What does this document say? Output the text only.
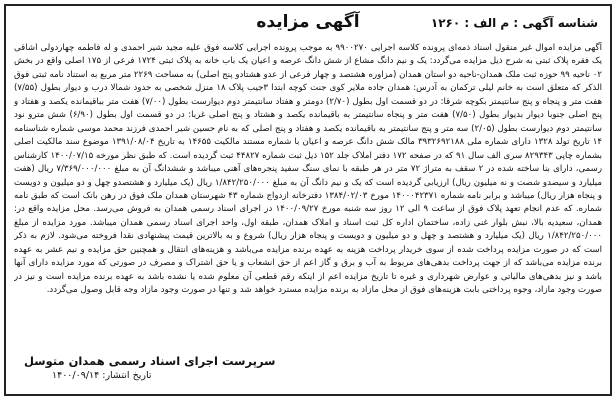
آگهی مزایده	شناسه آگهی : م الف : ۱۲۶۰
آگهی مزایده اموال غیر منقول اسناد ذمه‌ای پرونده کلاسه اجرایی ۹۹۰۰۲۷۰ به موجب پرونده اجرایی کلاسه فوق علیه مجید شیر احمدی و له فاطمه چهاردولی اشاقی یک فقره پلاک ثبتی به شرح ذیل مزایده می‌گردد: یک و نیم دانگ مشاع از شش دانگ عرصه و اعیان یک باب خانه به پلاک ثبتی ۱۷۲۴ فرعی از ۱۷۵ اصلی واقع در بخش ۰۲ ناحیه ۹۹ حوزه ثبت ملک همدان-ناحیه دو استان همدان (مزاوره هشتصد و چهار فرعی از عدو هشتادو پنج اصلی) به مساحت ۲۲۶۹ متر مربع به استناد نامه ثبتی فوق الذکر که متعلق است به خانم لیلی ترکمان به آدرس: همدان جاده ملایر کوی جنت کوچه ابتدا ۳جیب پلاک ۱۸ منزل شخصی به حدود شمالا درب و دیوار بطول (۷/۵۵) هفت متر و پنجاه و پنج سانتیمتر بکوچه شرقا: در دو قسمت اول بطول (۲/۷۰) دومتر و هفتاد سانتیمتر دوم دیوارست بطول (۷/۰۰) هفت متر بباقیمانده یکصد و هفتاد و پنج اصلی جنوبا دیوار بدیوار بطول (۷/۵۰) هفت متر و پنجاه سانتیمتر به باقیمانده یکصد و هشتاد و پنج اصلی غربا: در دو قسمت اول بطول (۶/۹۰) شش مترو نود سانتیمتر دوم دیوارست بطول (۲/۰۵) سه متر و پنج سانتیمتر به باقیمانده یکصد و هفتاد و پنج اصلی که به نام حسین شیر احمدی فرزند محمد موسی شماره شناسنامه ۱۴ تاریخ تولد ۱۳۲۸ دارای شماره ملی ۳۹۳۲۶۹۲۱۸۸ مالک شش دانگ عرصه و اعیان با شماره مستند مالکیت ۱۴۶۵۵ به تاریخ ۱۳۹۱/۰۸/۰۴ موضوع سند مالکیت اصلی بشماره چاپی ۸۲۹۳۴۳ سری الف سال ۹۱ که در صفحه ۱۷۲ دفتر املاک جلد ۱۵۲ ذیل ثبت شماره ۴۴۸۲۷ ثبت گردیده است. که طبق نظر مورخه ۱۴۰۰/۰۷/۱۵ کارشناس رسمی، دارای بنا ساخته شده در ۲ سقف به متراژ ۷۲ متر در هر طبقه با نمای سنگ سفید پنجره‌های آهنی میباشد و ششدانگ آن به مبلغ ۷/۳۶۹/۰۰۰/۰۰۰ ریال (هفت میلیارد و سیصدو شصت و نه میلیون ریال) ارزیابی گردیده است که یک و نیم دانگ آن به مبلغ ۱/۸۴۲/۲۵۰/۰۰۰ ریال (یک میلیارد و هشتصدو چهل و دو میلیون و دویست و پنجاه هزار ریال) میباشد و برابر نامه شماره ۱۴۰۰۰۴۲۳۷۱ مورخ ۱۳۸۴/۰۲/۰۳ دفترخانه ازدواج شماره ۴۳ شهرستان همدان ملک فوق در رهن بانک است که طبق نامه شماره. که عدم انجام تعهد پلاک فوق از ساعت ۹ الی ۱۲ روز سه شنبه مورخ ۱۴۰۰/۰۹/۲۷ در اجرای اسناد رسمی همدان به فروش می‌رسد. محل مزایده واقع در: همدان، سعیدیه بالا، نبش بلوار غنی زاده، ساختمان اداره کل ثبت اسناد و املاک همدان، طبقه اول، واحد اجرای اسناد رسمی همدان میباشد. مورد مزایده از مبلغ ۱/۸۴۲/۲۵۰/۰۰۰ ریال (یک میلیارد و هشتصد و چهل و دو میلیون و دویست و پنجاه هزار ریال) شروع و به بالاترین قیمت پیشنهادی نقدا فروخته می‌شود. لازم به ذکر است که در صورت مزایده پرداخت شده از سوی خریدار پرداخت هزینه به عهده برنده مزایده می‌باشد و هزینه‌های انتقال و همچنین حق مزایده و نیم عشر به عهده برنده مزایده می‌باشد که از جهت پرداخت بدهی‌های مربوط به آب و برق و گاز اعم از حق انشعاب و یا حق اشتراک و مصرف در صورتی که مورد مزایده دارای آنها باشد و نیز بدهی‌های مالیاتی و عوارض شهرداری و غیره تا تاریخ مزایده اعم از اینکه رقم قطعی آن معلوم شده یا نشده باشد به عهده برنده مزایده است و نیز در صورت وجود مازاد، وجوه پرداختی بابت هزینه‌های فوق از محل مازاد به برنده مزایده مسترد خواهد شد و تنها در صورت وجود مازاد وجه قابل وصول می‌گردد.
سرپرست اجرای اسناد رسمی همدان متوسل
تاریخ انتشار: ۱۴۰۰/۰۹/۱۴
